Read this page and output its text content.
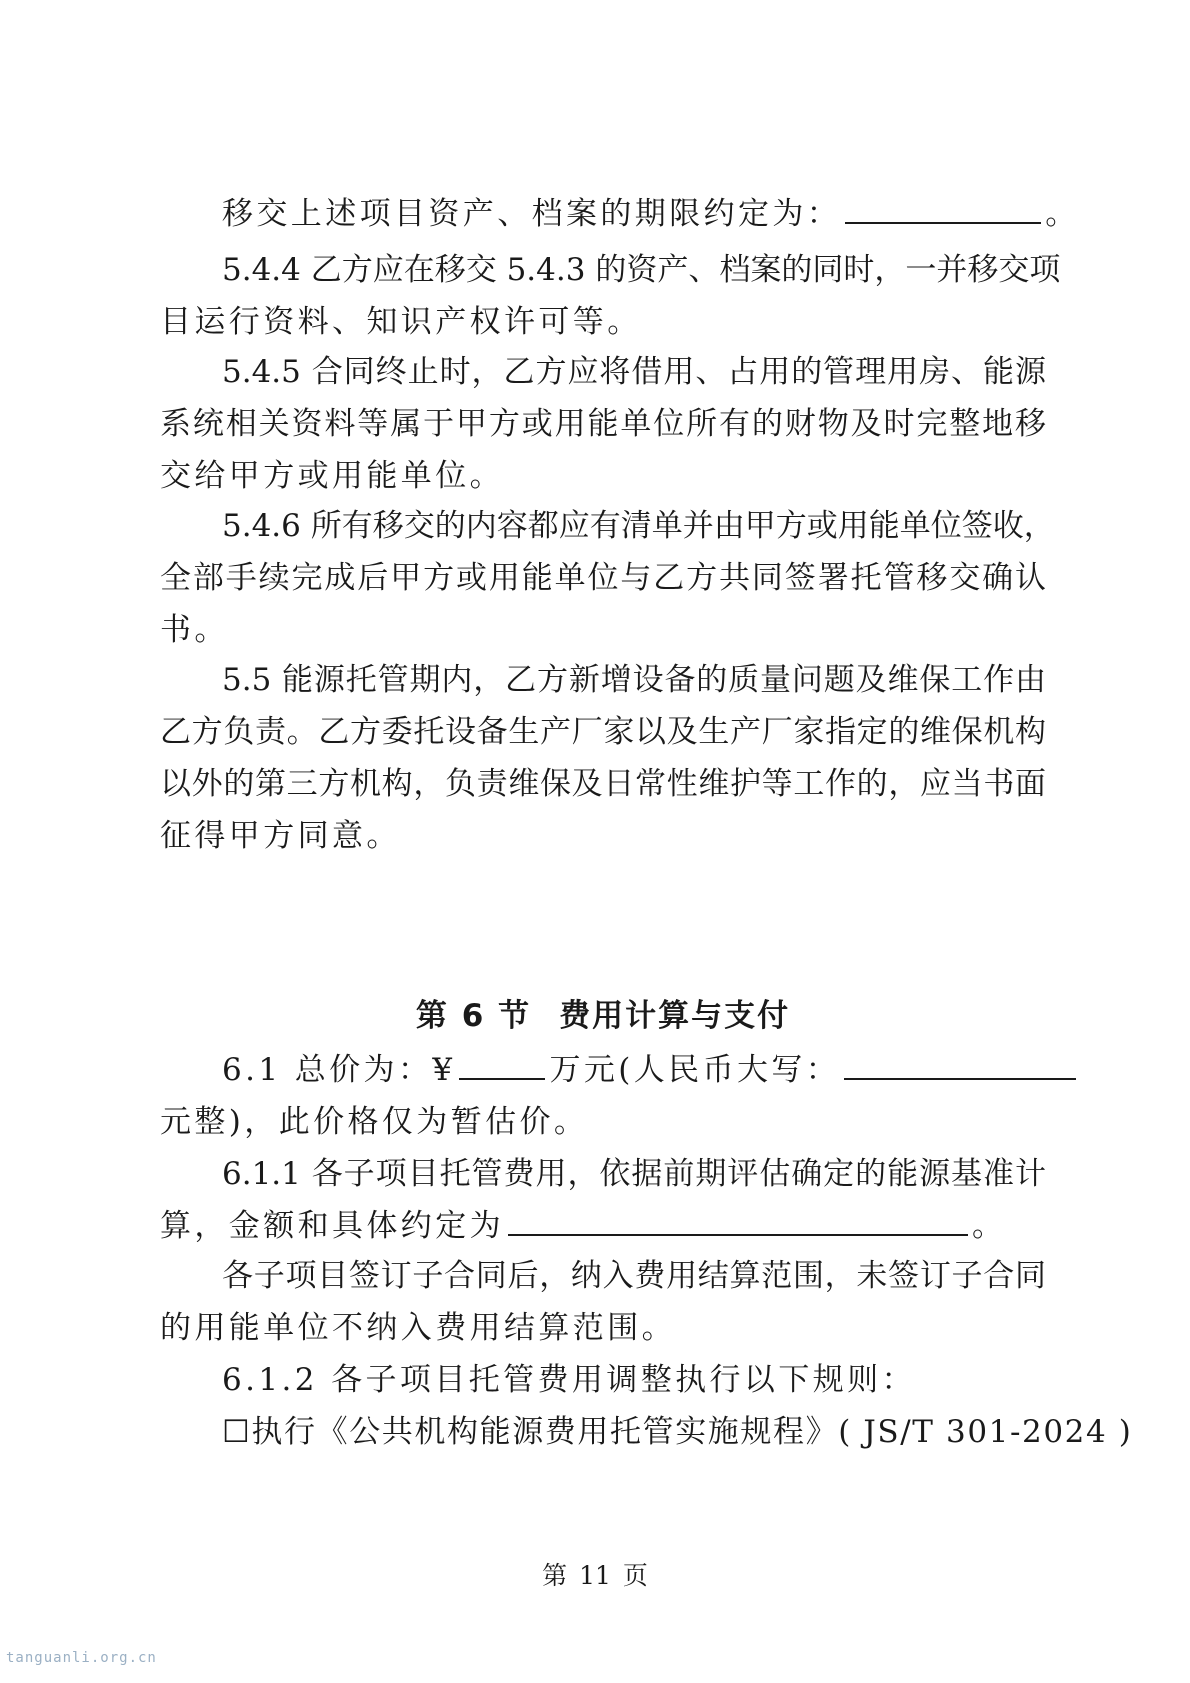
移交上述项目资产、档案的期限约定为：	。
5.4.4 乙方应在移交 5.4.3 的资产、档案的同时，一并移交项
目运行资料、知识产权许可等。
5.4.5 合同终止时，乙方应将借用、占用的管理用房、能源
系统相关资料等属于甲方或用能单位所有的财物及时完整地移
交给甲方或用能单位。
5.4.6 所有移交的内容都应有清单并由甲方或用能单位签收，
全部手续完成后甲方或用能单位与乙方共同签署托管移交确认
书。
5.5 能源托管期内，乙方新增设备的质量问题及维保工作由
乙方负责。乙方委托设备生产厂家以及生产厂家指定的维保机构
以外的第三方机构，负责维保及日常性维护等工作的，应当书面
征得甲方同意。
第 6 节 费用计算与支付
6.1 总价为：¥	万元(人民币大写：
元整)，此价格仅为暂估价。
6.1.1 各子项目托管费用，依据前期评估确定的能源基准计
算，金额和具体约定为	。
各子项目签订子合同后，纳入费用结算范围，未签订子合同
的用能单位不纳入费用结算范围。
6.1.2 各子项目托管费用调整执行以下规则：
☐执行《公共机构能源费用托管实施规程》( JS/T 301-2024 )
第 11 页
tanguanli.org.cn
